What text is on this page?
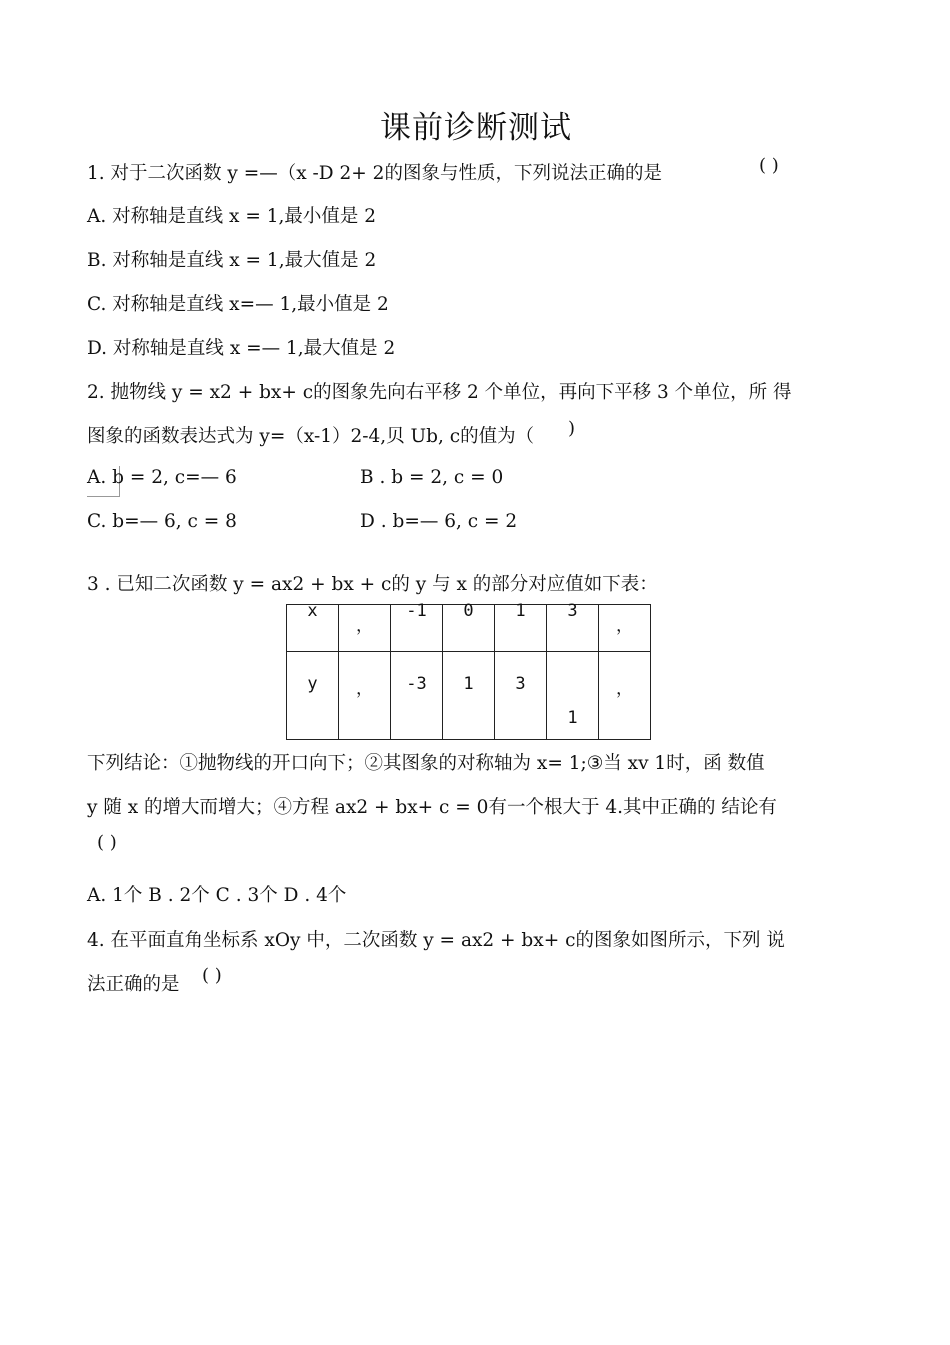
课前诊断测试
1. 对于二次函数 y =—（x -D 2+ 2的图象与性质，下列说法正确的是	( )
A. 对称轴是直线 x = 1,最小值是 2
B. 对称轴是直线 x = 1,最大值是 2
C. 对称轴是直线 x=— 1,最小值是 2
D. 对称轴是直线 x =— 1,最大值是 2
2. 抛物线 y = x2 + bx+ c的图象先向右平移 2 个单位，再向下平移 3 个单位，所 得
图象的函数表达式为 y=（x-1）2-4,贝 Ub, c的值为（ )
A. b = 2, c=— 6	B . b = 2, c = 0
C. b=— 6, c = 8	D . b=— 6, c = 2
3 . 已知二次函数 y = ax2 + bx + c的 y 与 x 的部分对应值如下表：
x	，	-1	0	1	3	，

y	，	-3	1	3	1	，
下列结论：①抛物线的开口向下；②其图象的对称轴为 x= 1;③当 xv 1时，函 数值
y 随 x 的增大而增大；④方程 ax2 + bx+ c = 0有一个根大于 4.其中正确的 结论有
( )
A. 1个 B . 2个 C . 3个 D . 4个
4. 在平面直角坐标系 xOy 中，二次函数 y = ax2 + bx+ c的图象如图所示，下列 说
法正确的是 ( )
